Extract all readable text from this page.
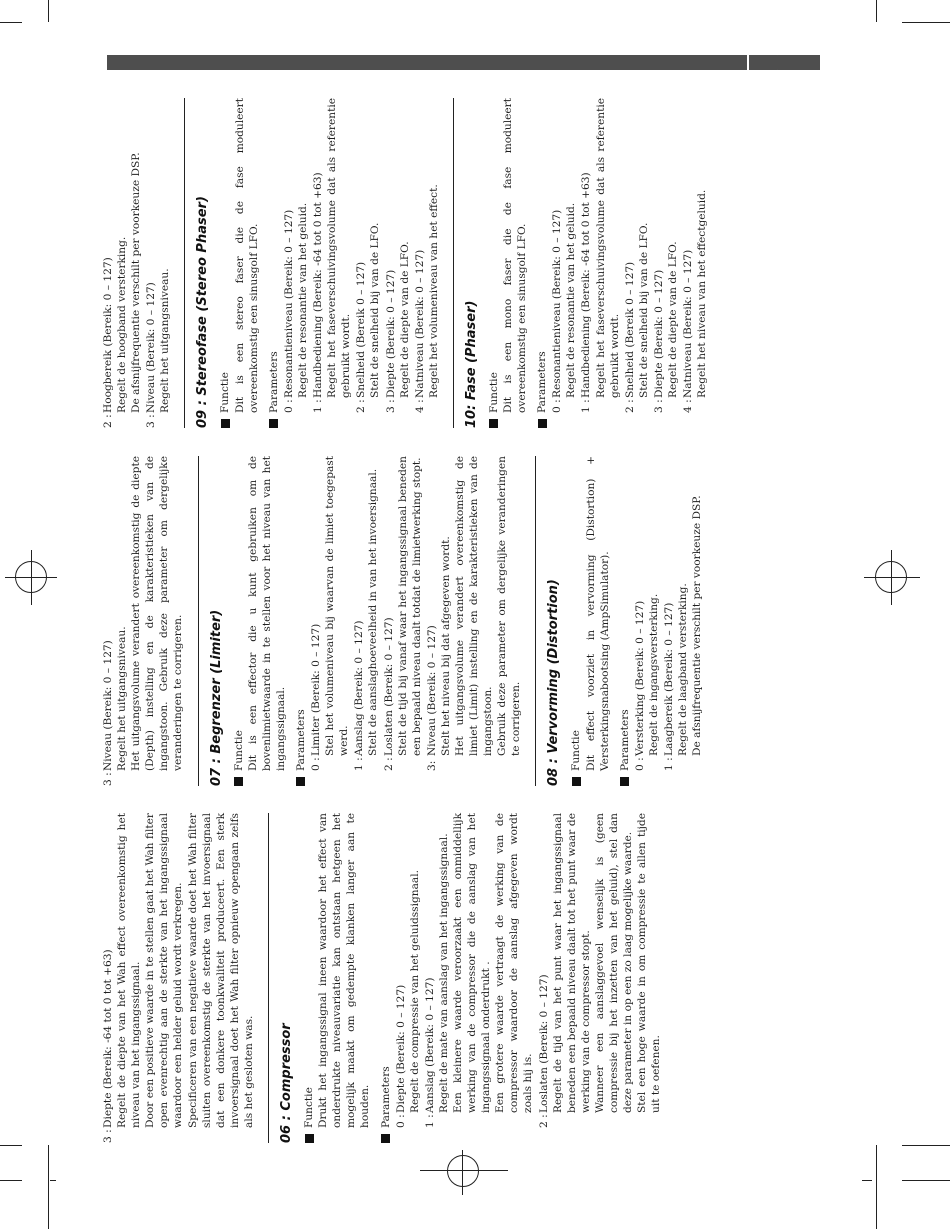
3 :
Diepte (Bereik: -64 tot 0 tot +63) Regelt de diepte van het Wah effect overeenkomstig het niveau van het ingangssignaal. Door een positieve waarde in te stellen gaat het Wah filter open evenrechtig aan de sterkte van het ingangssignaal waardoor een helder geluid wordt verkregen. Specificeren van een negatieve waarde doet het Wah filter sluiten overeenkomstig de sterkte van het invoersignaal dat een donkere toonkwaliteit produceert. Een sterk invoersignaal doet het Wah filter opnieuw opengaan zelfs als het gesloten was.	06 : Compressor Functie Drukt het ingangssignal ineen waardoor het effect van onderdrukte niveauvariatie kan ontstaan hetgeen het mogelijk maakt om gedempte klanken langer aan te houden. Parameters 0 :
Diepte (Bereik: 0 – 127) Regelt de compressie van het geluidssignaal.
1 :
Aanslag (Bereik: 0 – 127) Regelt de mate van aanslag van het ingangssignaal. Een kleinere waarde veroorzaakt een onmiddellijk werking van de compressor die de aanslag van het ingangssignaal onderdrukt . Een grotere waarde vertraagt de werking van de compressor waardoor de aanslag afgegeven wordt zoals hij is.
2 :
Loslaten (Bereik: 0 – 127) Regelt de tijd van het punt waar het ingangssignaal beneden een bepaald niveau daalt tot het punt waar de werking van de compressor stopt. Wanneer een aanslaggevoel wenselijk is (geen compressie bij het inzetten van het geluid), stel dan deze parameter in op een zo laag mogelijke waarde. Stel een hoge waarde in om compressie te allen tijde uit te oefenen.
3 :
Niveau (Bereik: 0 – 127) Regelt het uitgangsniveau. Het uitgangsvolume verandert overeenkomstig de diepte (Depth) instelling en de karakteristieken van de ingangstoon. Gebruik deze parameter om dergelijke veranderingen te corrigeren.	07 : Begrenzer (Limiter) Functie Dit is een effector die u kunt gebruiken om de bovenlimietwaarde in te stellen voor het niveau van het ingangssignaal. Parameters 0 :
Limiter (Bereik: 0 – 127) Stel het volumeniveau bij waarvan de limiet toegepast werd.
1 :
Aanslag (Bereik: 0 – 127) Stelt de aanslaghoeveelheid in van het invoersignaal.
2 :
Loslaten (Bereik: 0 – 127) Stelt de tijd bij vanaf waar het ingangssignaal beneden een bepaald niveau daalt totdat de limietwerking stopt.
3:
Niveau (Bereik: 0 – 127) Stelt het niveau bij dat afgegeven wordt. Het uitgangsvolume verandert overeenkomstig de limiet (Limit) instelling en de karakteristieken van de ingangstoon. Gebruik deze parameter om dergelijke veranderingen te corrigeren.	08 : Vervorming (Distortion) Functie Dit effect voorziet in vervorming (Distortion) + Versterkingsnabootsing (AmpSimulator). Parameters 0 :
Versterking (Bereik: 0 – 127) Regelt de ingangsversterking.
1 :
Laagbereik (Bereik: 0 – 127) Regelt de laagband versterking. De afsnijfrequentie verschilt per voorkeuze DSP.
2 :
Hoogbereik (Bereik: 0 – 127) Regelt de hoogband versterking. De afsnijfrequentie verschilt per voorkeuze DSP.
3 :
Niveau (Bereik: 0 – 127) Regelt het uitgangsniveau.	09 : Stereofase (Stereo Phaser) Functie Dit is een stereo faser die de fase moduleert overeenkomstig een sinusgolf LFO. Parameters 0 :
Resonantieniveau (Bereik: 0 – 127) Regelt de resonantie van het geluid.
1 :
Handbediening (Bereik: -64 tot 0 tot +63) Regelt het faseverschuivingsvolume dat als referentie gebruikt wordt.
2 :
Snelheid (Bereik 0 – 127) Stelt de snelheid bij van de LFO.
3 :
Diepte (Bereik: 0 – 127) Regelt de diepte van de LFO.
4 :
Natniveau (Bereik: 0 – 127) Regelt het volumeniveau van het effect.	10: Fase (Phaser) Functie Dit is een mono faser die de fase moduleert overeenkomstig een sinusgolf LFO. Parameters 0 :
Resonantieniveau (Bereik: 0 – 127) Regelt de resonantie van het geluid.
1 :
Handbediening (Bereik: -64 tot 0 tot +63) Regelt het faseverschuivingsvolume dat als referentie gebruikt wordt.
2 :
Snelheid (Bereik 0 – 127) Stelt de snelheid bij van de LFO.
3 :
Diepte (Bereik: 0 – 127) Regelt de diepte van de LFO.
4 :
Natniveau (Bereik: 0 – 127) Regelt het niveau van het effectgeluid.
